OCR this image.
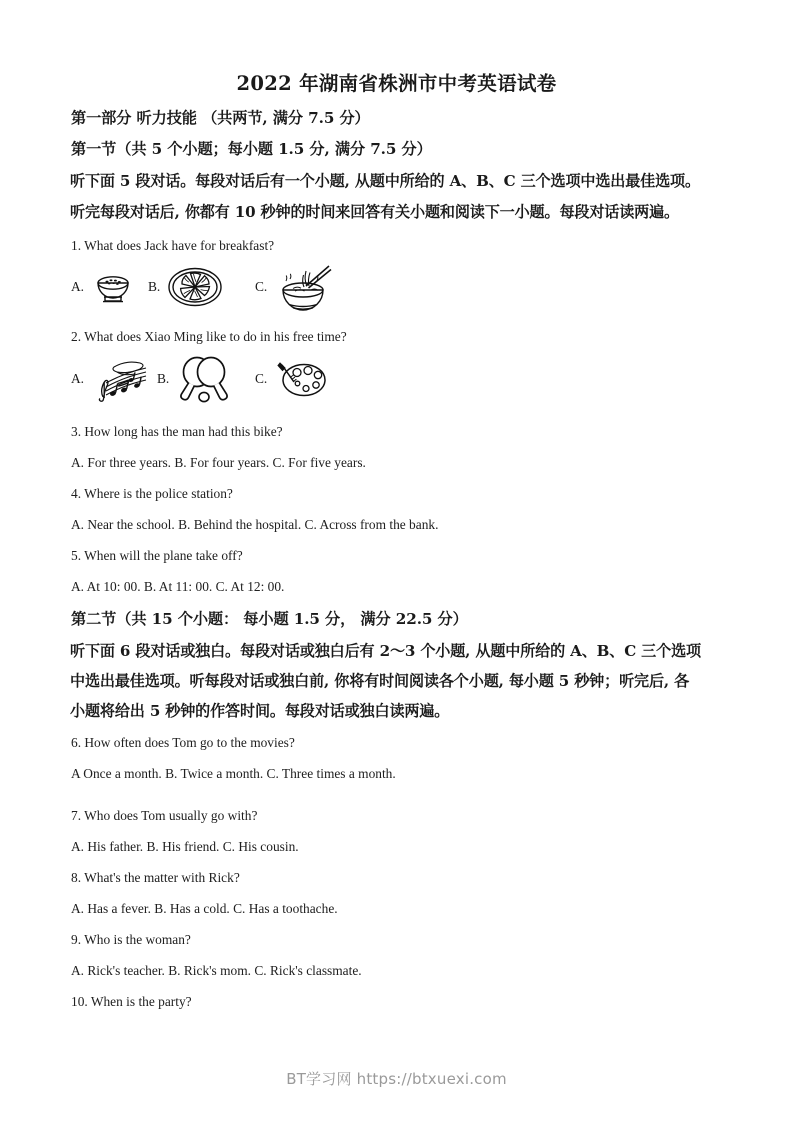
2022 年湖南省株洲市中考英语试卷
第一部分 听力技能 （共两节, 满分 7.5 分）
第一节（共 5 个小题；每小题 1.5 分, 满分 7.5 分）
听下面 5 段对话。每段对话后有一个小题, 从题中所给的 A、B、C 三个选项中选出最佳选项。
听完每段对话后, 你都有 10 秒钟的时间来回答有关小题和阅读下一小题。每段对话读两遍。
1. What does Jack have for breakfast?
A.	B.	C.
2. What does Xiao Ming like to do in his free time?
A.	B.	C.
3. How long has the man had this bike?
A. For three years. B. For four years. C. For five years.
4. Where is the police station?
A. Near the school. B. Behind the hospital. C. Across from the bank.
5. When will the plane take off?
A. At 10: 00. B. At 11: 00. C. At 12: 00.
第二节（共 15 个小题： 每小题 1.5 分， 满分 22.5 分）
听下面 6 段对话或独白。每段对话或独白后有 2～3 个小题, 从题中所给的 A、B、C 三个选项
中选出最佳选项。听每段对话或独白前, 你将有时间阅读各个小题, 每小题 5 秒钟；听完后, 各
小题将给出 5 秒钟的作答时间。每段对话或独白读两遍。
6. How often does Tom go to the movies?
A Once a month. B. Twice a month. C. Three times a month.
7. Who does Tom usually go with?
A. His father. B. His friend. C. His cousin.
8. What's the matter with Rick?
A. Has a fever. B. Has a cold. C. Has a toothache.
9. Who is the woman?
A. Rick's teacher. B. Rick's mom. C. Rick's classmate.
10. When is the party?
BT学习网 https://btxuexi.com
